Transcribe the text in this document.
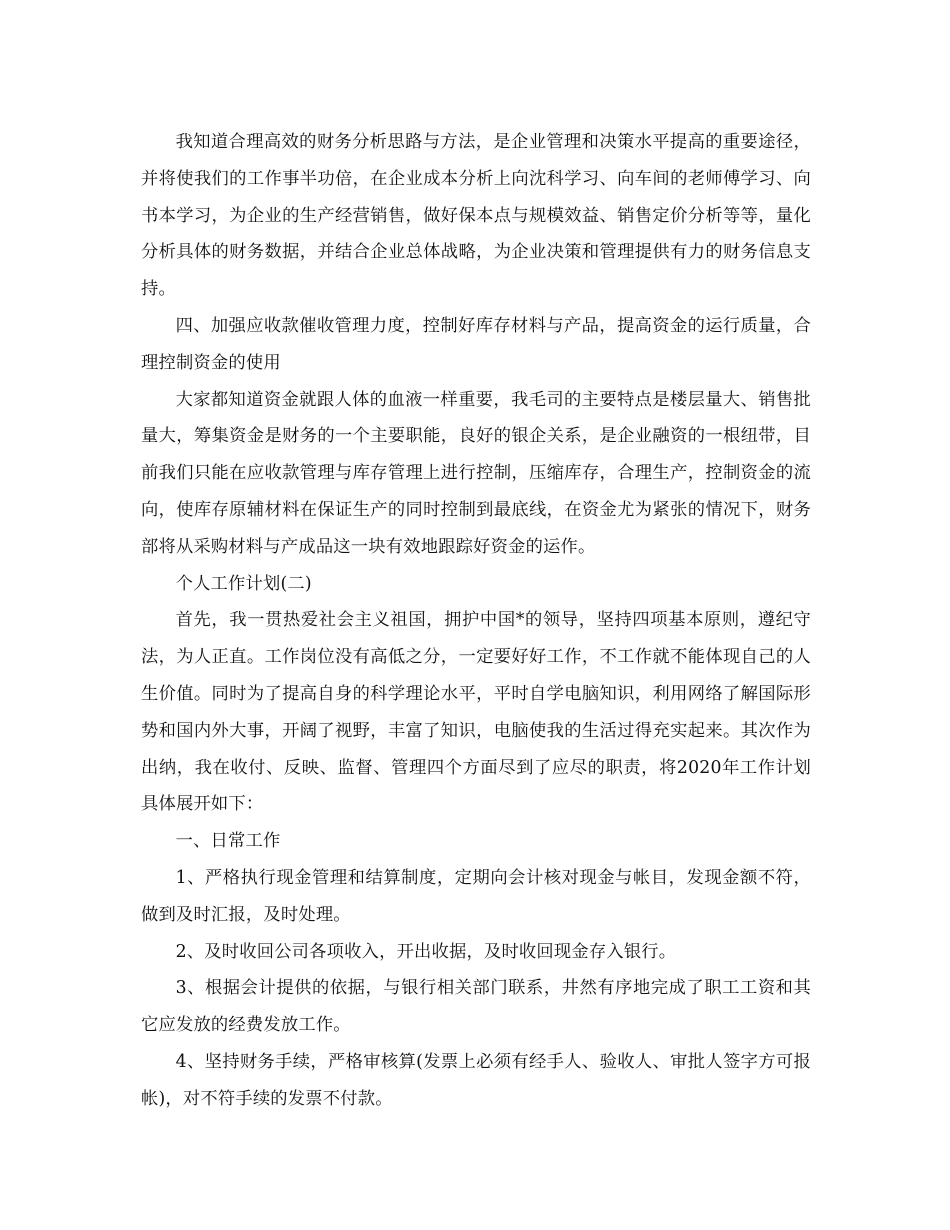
我知道合理高效的财务分析思路与方法，是企业管理和决策水平提高的重要途径，并将使我们的工作事半功倍，在企业成本分析上向沈科学习、向车间的老师傅学习、向书本学习，为企业的生产经营销售，做好保本点与规模效益、销售定价分析等等，量化分析具体的财务数据，并结合企业总体战略，为企业决策和管理提供有力的财务信息支持。

四、加强应收款催收管理力度，控制好库存材料与产品，提高资金的运行质量，合理控制资金的使用

大家都知道资金就跟人体的血液一样重要，我毛司的主要特点是楼层量大、销售批量大，筹集资金是财务的一个主要职能，良好的银企关系，是企业融资的一根纽带，目前我们只能在应收款管理与库存管理上进行控制，压缩库存，合理生产，控制资金的流向，使库存原辅材料在保证生产的同时控制到最底线，在资金尤为紧张的情况下，财务部将从采购材料与产成品这一块有效地跟踪好资金的运作。

个人工作计划(二)

首先，我一贯热爱社会主义祖国，拥护中国*的领导，坚持四项基本原则，遵纪守法，为人正直。工作岗位没有高低之分，一定要好好工作，不工作就不能体现自己的人生价值。同时为了提高自身的科学理论水平，平时自学电脑知识，利用网络了解国际形势和国内外大事，开阔了视野，丰富了知识，电脑使我的生活过得充实起来。其次作为出纳，我在收付、反映、监督、管理四个方面尽到了应尽的职责，将2020年工作计划具体展开如下：

一、日常工作

1、严格执行现金管理和结算制度，定期向会计核对现金与帐目，发现金额不符，做到及时汇报，及时处理。

2、及时收回公司各项收入，开出收据，及时收回现金存入银行。

3、根据会计提供的依据，与银行相关部门联系，井然有序地完成了职工工资和其它应发放的经费发放工作。

4、坚持财务手续，严格审核算(发票上必须有经手人、验收人、审批人签字方可报帐)，对不符手续的发票不付款。
